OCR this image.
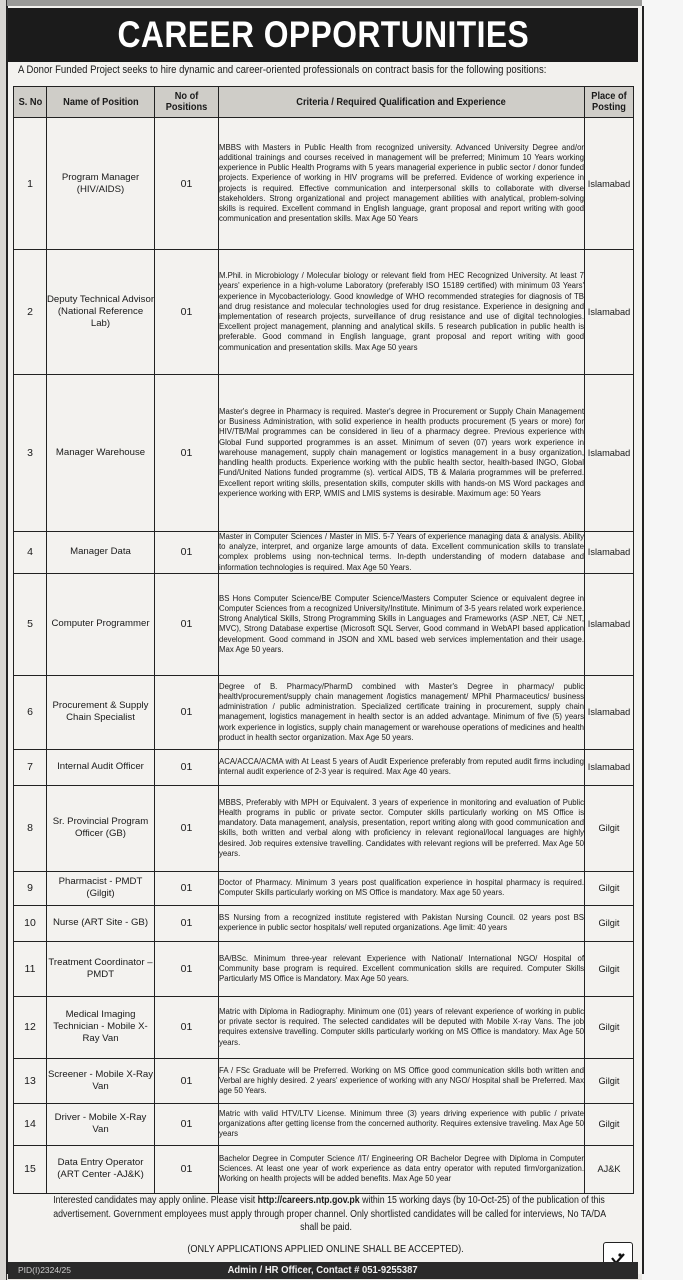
CAREER OPPORTUNITIES
A Donor Funded Project seeks to hire dynamic and career-oriented professionals on contract basis for the following positions:
S. No	Name of Position	No of Positions	Criteria / Required Qualification and Experience	Place of Posting
1	Program Manager (HIV/AIDS)	01	MBBS with Masters in Public Health from recognized university. Advanced University Degree and/or additional trainings and courses received in management will be preferred; Minimum 10 Years working experience in Public Health Programs with 5 years managerial experience in public sector / donor funded projects. Experience of working in HIV programs will be preferred. Evidence of working experience in projects is required. Effective communication and interpersonal skills to collaborate with diverse stakeholders. Strong organizational and project management abilities with analytical, problem-solving skills is required. Excellent command in English language, grant proposal and report writing with good communication and presentation skills. Max Age 50 Years	Islamabad
2	Deputy Technical Advisor (National Reference Lab)	01	M.Phil. in Microbiology / Molecular biology or relevant field from HEC Recognized University. At least 7 years' experience in a high-volume Laboratory (preferably ISO 15189 certified) with minimum 03 Years' experience in Mycobacteriology. Good knowledge of WHO recommended strategies for diagnosis of TB and drug resistance and molecular technologies used for drug resistance. Experience in designing and implementation of research projects, surveillance of drug resistance and use of digital technologies. Excellent project management, planning and analytical skills. 5 research publication in public health is preferable. Good command in English language, grant proposal and report writing with good communication and presentation skills. Max Age 50 years	Islamabad
3	Manager Warehouse	01	Master's degree in Pharmacy is required. Master's degree in Procurement or Supply Chain Management or Business Administration, with solid experience in health products procurement (5 years or more) for HIV/TB/Mal programmes can be considered in lieu of a pharmacy degree. Previous experience with Global Fund supported programmes is an asset. Minimum of seven (07) years work experience in warehouse management, supply chain management or logistics management in a busy organization, handling health products. Experience working with the public health sector, health-based INGO, Global Fund/United Nations funded programme (s). vertical AIDS, TB & Malaria programmes will be preferred. Excellent report writing skills, presentation skills, computer skills with hands-on MS Word packages and experience working with ERP, WMIS and LMIS systems is desirable. Maximum age: 50 Years	Islamabad
4	Manager Data	01	Master in Computer Sciences / Master in MIS. 5-7 Years of experience managing data & analysis. Ability to analyze, interpret, and organize large amounts of data. Excellent communication skills to translate complex problems using non-technical terms. In-depth understanding of modern database and information technologies is required. Max Age 50 Years.	Islamabad
5	Computer Programmer	01	BS Hons Computer Science/BE Computer Science/Masters Computer Science or equivalent degree in Computer Sciences from a recognized University/Institute. Minimum of 3-5 years related work experience. Strong Analytical Skills, Strong Programming Skills in Languages and Frameworks (ASP .NET, C# .NET, MVC), Strong Database expertise (Microsoft SQL Server, Good command in WebAPI based application development. Good command in JSON and XML based web services implementation and their usage. Max Age 50 years.	Islamabad
6	Procurement & Supply Chain Specialist	01	Degree of B. Pharmacy/PharmD combined with Master's Degree in pharmacy/ public health/procurement/supply chain management /logistics management/ MPhil Pharmaceutics/ business administration / public administration. Specialized certificate training in procurement, supply chain management, logistics management in health sector is an added advantage. Minimum of five (5) years work experience in logistics, supply chain management or warehouse operations of medicines and health product in health sector organization. Max Age 50 years.	Islamabad
7	Internal Audit Officer	01	ACA/ACCA/ACMA with At Least 5 years of Audit Experience preferably from reputed audit firms including internal audit experience of 2-3 year is required. Max Age 40 years.	Islamabad
8	Sr. Provincial Program Officer (GB)	01	MBBS, Preferably with MPH or Equivalent. 3 years of experience in monitoring and evaluation of Public Health programs in public or private sector. Computer skills particularly working on MS Office is mandatory. Data management, analysis, presentation, report writing along with good communication and skills, both written and verbal along with proficiency in relevant regional/local languages are highly desired. Job requires extensive travelling. Candidates with relevant regions will be preferred. Max Age 50 years.	Gilgit
9	Pharmacist - PMDT (Gilgit)	01	Doctor of Pharmacy. Minimum 3 years post qualification experience in hospital pharmacy is required. Computer Skills particularly working on MS Office is mandatory. Max age 50 years.	Gilgit
10	Nurse (ART Site - GB)	01	BS Nursing from a recognized institute registered with Pakistan Nursing Council. 02 years post BS experience in public sector hospitals/ well reputed organizations. Age limit: 40 years	Gilgit
11	Treatment Coordinator – PMDT	01	BA/BSc. Minimum three-year relevant Experience with National/ International NGO/ Hospital of Community base program is required. Excellent communication skills are required. Computer Skills Particularly MS Office is Mandatory. Max Age 50 years.	Gilgit
12	Medical Imaging Technician - Mobile X-Ray Van	01	Matric with Diploma in Radiography. Minimum one (01) years of relevant experience of working in public or private sector is required. The selected candidates will be deputed with Mobile X-ray Vans. The job requires extensive travelling. Computer skills particularly working on MS Office is mandatory. Max Age 50 years.	Gilgit
13	Screener - Mobile X-Ray Van	01	FA / FSc Graduate will be Preferred. Working on MS Office good communication skills both written and Verbal are highly desired. 2 years' experience of working with any NGO/ Hospital shall be Preferred. Max age 50 Years.	Gilgit
14	Driver - Mobile X-Ray Van	01	Matric with valid HTV/LTV License. Minimum three (3) years driving experience with public / private organizations after getting license from the concerned authority. Requires extensive traveling. Max Age 50 years	Gilgit
15	Data Entry Operator (ART Center -AJ&K)	01	Bachelor Degree in Computer Science /IT/ Engineering OR Bachelor Degree with Diploma in Computer Sciences. At least one year of work experience as data entry operator with reputed firm/organization. Working on health projects will be added benefits. Max Age 50 year	AJ&K
Interested candidates may apply online. Please visit http://careers.ntp.gov.pk within 15 working days (by 10-Oct-25) of the publication of this
advertisement. Government employees must apply through proper channel. Only shortlisted candidates will be called for interviews, No TA/DA
shall be paid.
(ONLY APPLICATIONS APPLIED ONLINE SHALL BE ACCEPTED).
PID(I)2324/25	Admin / HR Officer, Contact # 051-9255387
